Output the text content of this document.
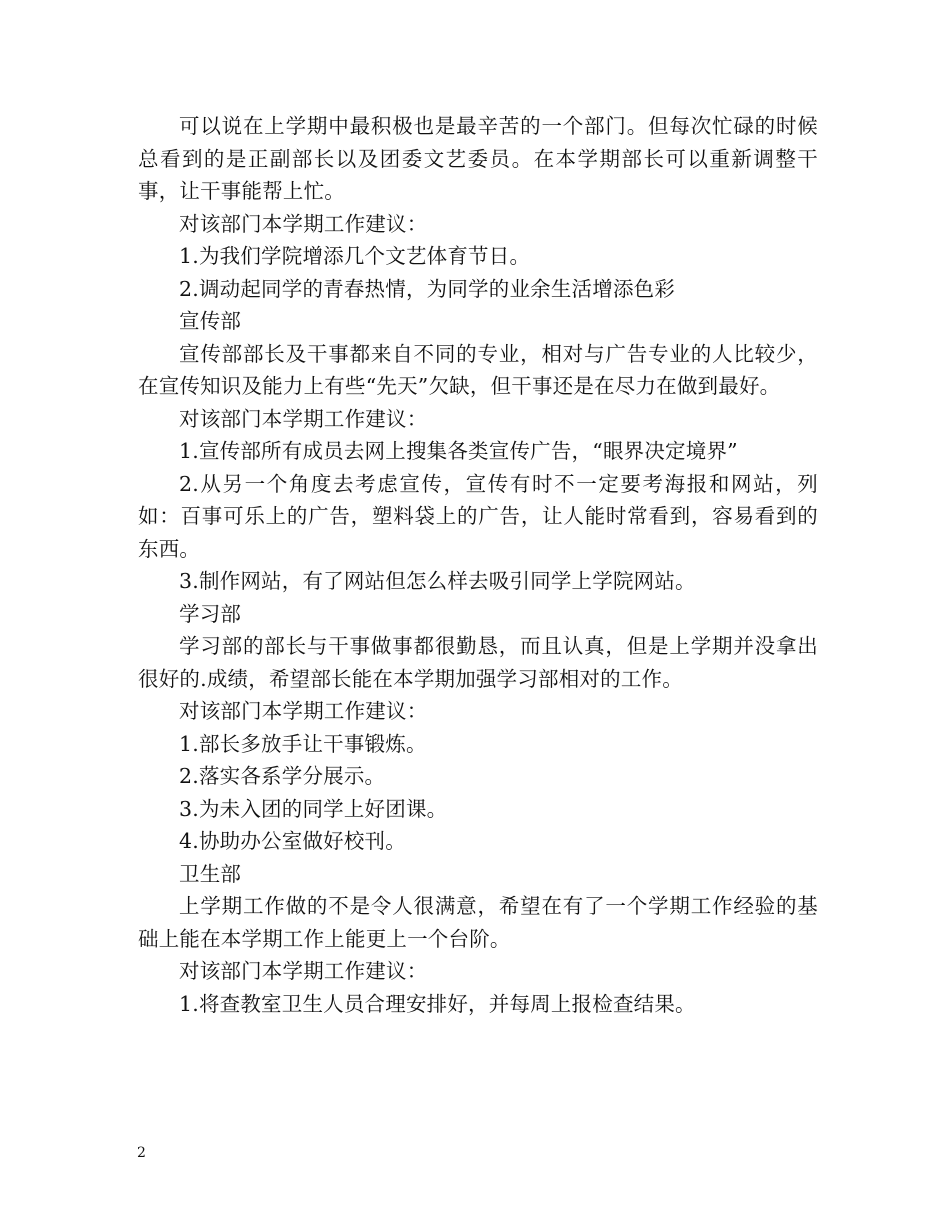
可以说在上学期中最积极也是最辛苦的一个部门。但每次忙碌的时候总看到的是正副部长以及团委文艺委员。在本学期部长可以重新调整干事，让干事能帮上忙。

对该部门本学期工作建议：

1.为我们学院增添几个文艺体育节日。

2.调动起同学的青春热情，为同学的业余生活增添色彩

宣传部

宣传部部长及干事都来自不同的专业，相对与广告专业的人比较少，在宣传知识及能力上有些“先天”欠缺，但干事还是在尽力在做到最好。

对该部门本学期工作建议：

1.宣传部所有成员去网上搜集各类宣传广告，“眼界决定境界”

2.从另一个角度去考虑宣传，宣传有时不一定要考海报和网站，列如：百事可乐上的广告，塑料袋上的广告，让人能时常看到，容易看到的东西。

3.制作网站，有了网站但怎么样去吸引同学上学院网站。

学习部

学习部的部长与干事做事都很勤恳，而且认真，但是上学期并没拿出很好的.成绩，希望部长能在本学期加强学习部相对的工作。

对该部门本学期工作建议：

1.部长多放手让干事锻炼。

2.落实各系学分展示。

3.为未入团的同学上好团课。

4.协助办公室做好校刊。

卫生部

上学期工作做的不是令人很满意，希望在有了一个学期工作经验的基础上能在本学期工作上能更上一个台阶。

对该部门本学期工作建议：

1.将查教室卫生人员合理安排好，并每周上报检查结果。

2
